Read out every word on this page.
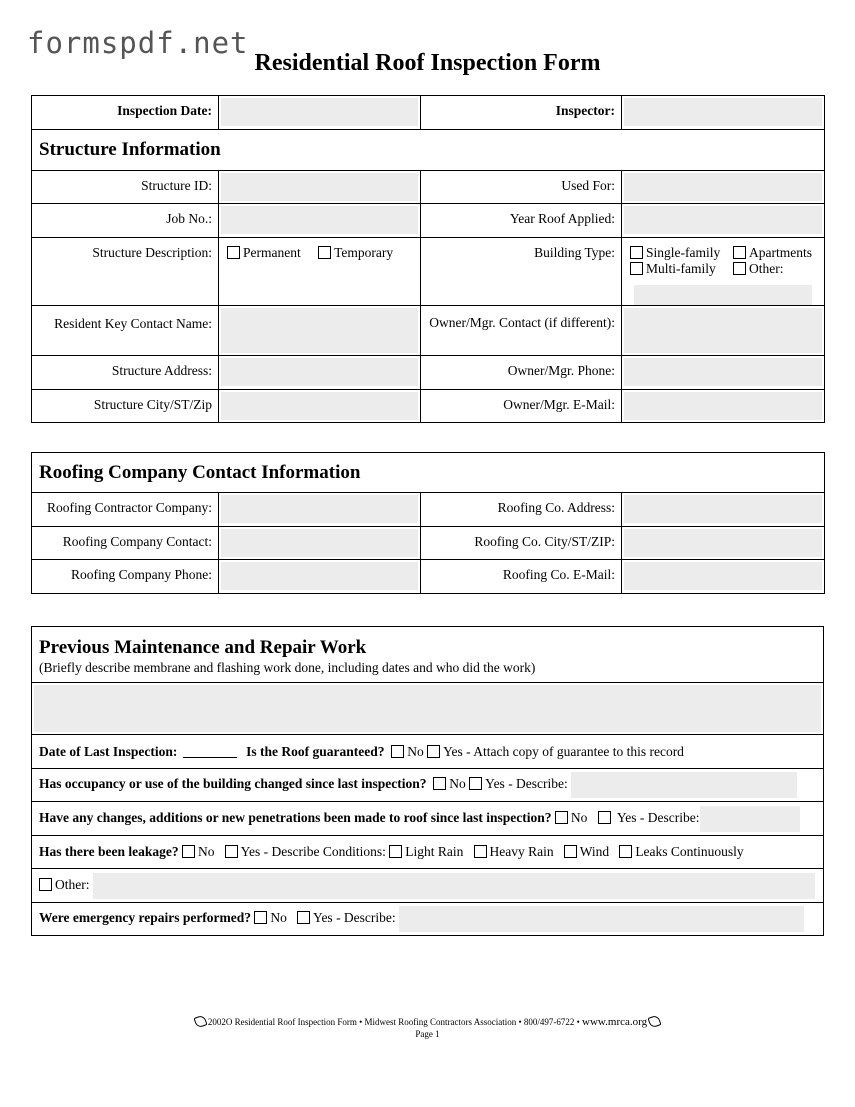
formspdf.net
Residential Roof Inspection Form
Inspection Date:		Inspector:	

Structure Information			
Structure ID:		Used For:	

Job No.:		Year Roof Applied:	

Structure Description:	Permanent Temporary	Building Type:	Single-family Apartments
Multi-family Other:

Resident Key Contact Name:		Owner/Mgr. Contact (if different):	

Structure Address:		Owner/Mgr. Phone:	

Structure City/ST/Zip		Owner/Mgr. E-Mail:	
Roofing Company Contact Information			
Roofing Contractor Company:		Roofing Co. Address:	

Roofing Company Contact:		Roofing Co. City/ST/ZIP:	

Roofing Company Phone:		Roofing Co. E-Mail:	
Previous Maintenance and Repair Work
(Briefly describe membrane and flashing work done, including dates and who did the work)

Date of Last Inspection:	Is the Roof guaranteed? No Yes - Attach copy of guarantee to this record
Has occupancy or use of the building changed since last inspection? No Yes - Describe:
Have any changes, additions or new penetrations been made to roof since last inspection? No Yes - Describe:
Has there been leakage? No Yes - Describe Conditions: Light Rain Heavy Rain Wind Leaks Continuously
Other:
Were emergency repairs performed? No Yes - Describe:
2002O Residential Roof Inspection Form • Midwest Roofing Contractors Association • 800/497-6722 • www.mrca.org
Page 1
